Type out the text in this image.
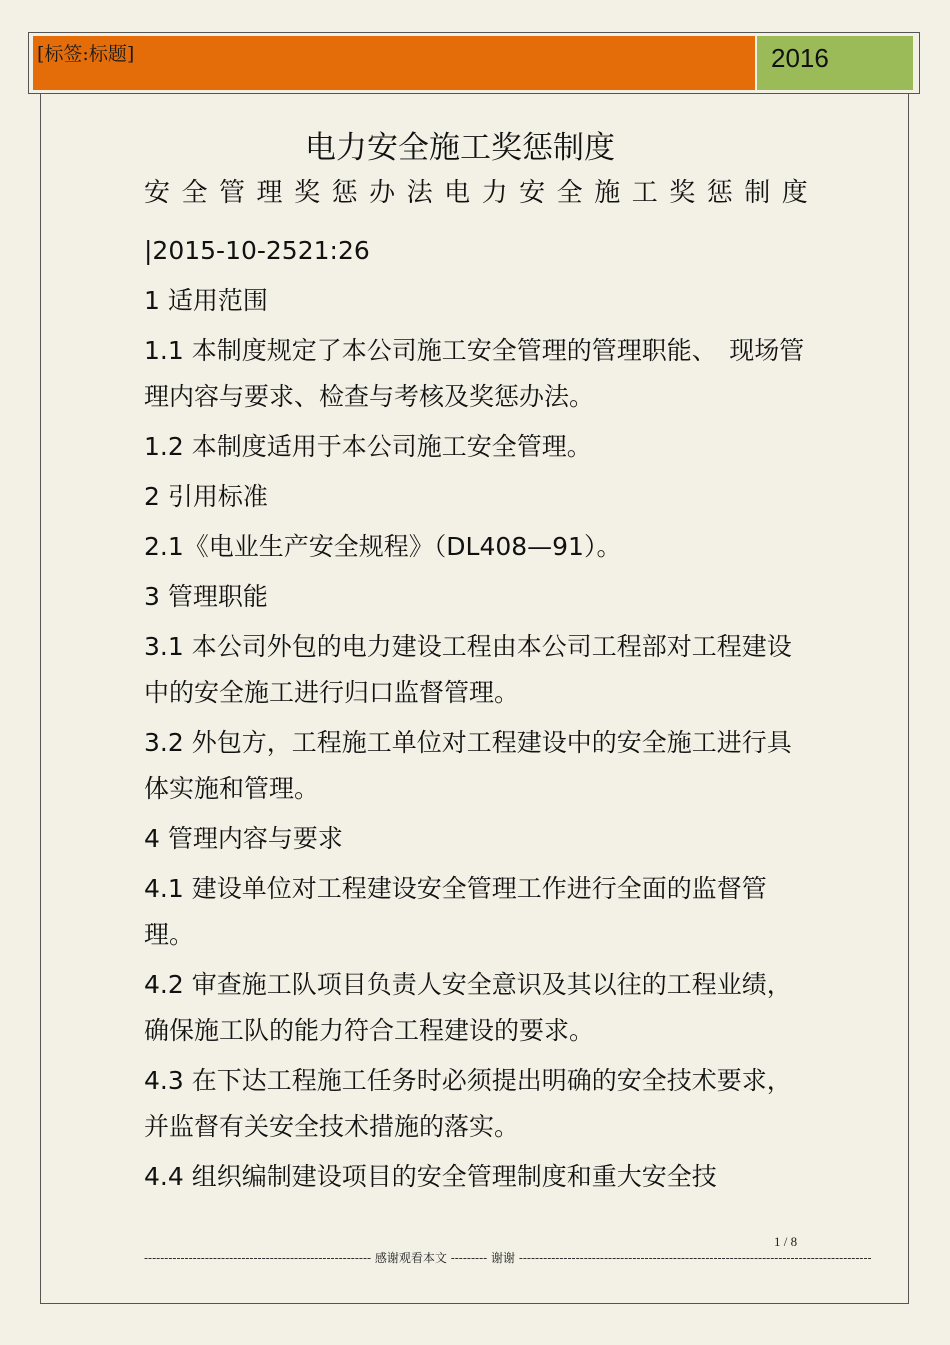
[标签:标题]	2016
电力安全施工奖惩制度
安 全 管 理 奖 惩 办 法 电 力 安 全 施 工 奖 惩 制 度

|2015-10-2521:26

1 适用范围

1.1 本制度规定了本公司施工安全管理的管理职能、　现场管理内容与要求、检查与考核及奖惩办法。

1.2 本制度适用于本公司施工安全管理。

2 引用标准

2.1《电业生产安全规程》（DL408—91）。

3 管理职能

3.1 本公司外包的电力建设工程由本公司工程部对工程建设中的安全施工进行归口监督管理。

3.2 外包方，工程施工单位对工程建设中的安全施工进行具体实施和管理。

4 管理内容与要求

4.1 建设单位对工程建设安全管理工作进行全面的监督管理。

4.2 审查施工队项目负责人安全意识及其以往的工程业绩，确保施工队的能力符合工程建设的要求。

4.3 在下达工程施工任务时必须提出明确的安全技术要求，并监督有关安全技术措施的落实。

4.4 组织编制建设项目的安全管理制度和重大安全技

1 / 8
-------------------------------------------------------- 感谢观看本文 --------- 谢谢 ---------------------------------------------------------------------------------------
